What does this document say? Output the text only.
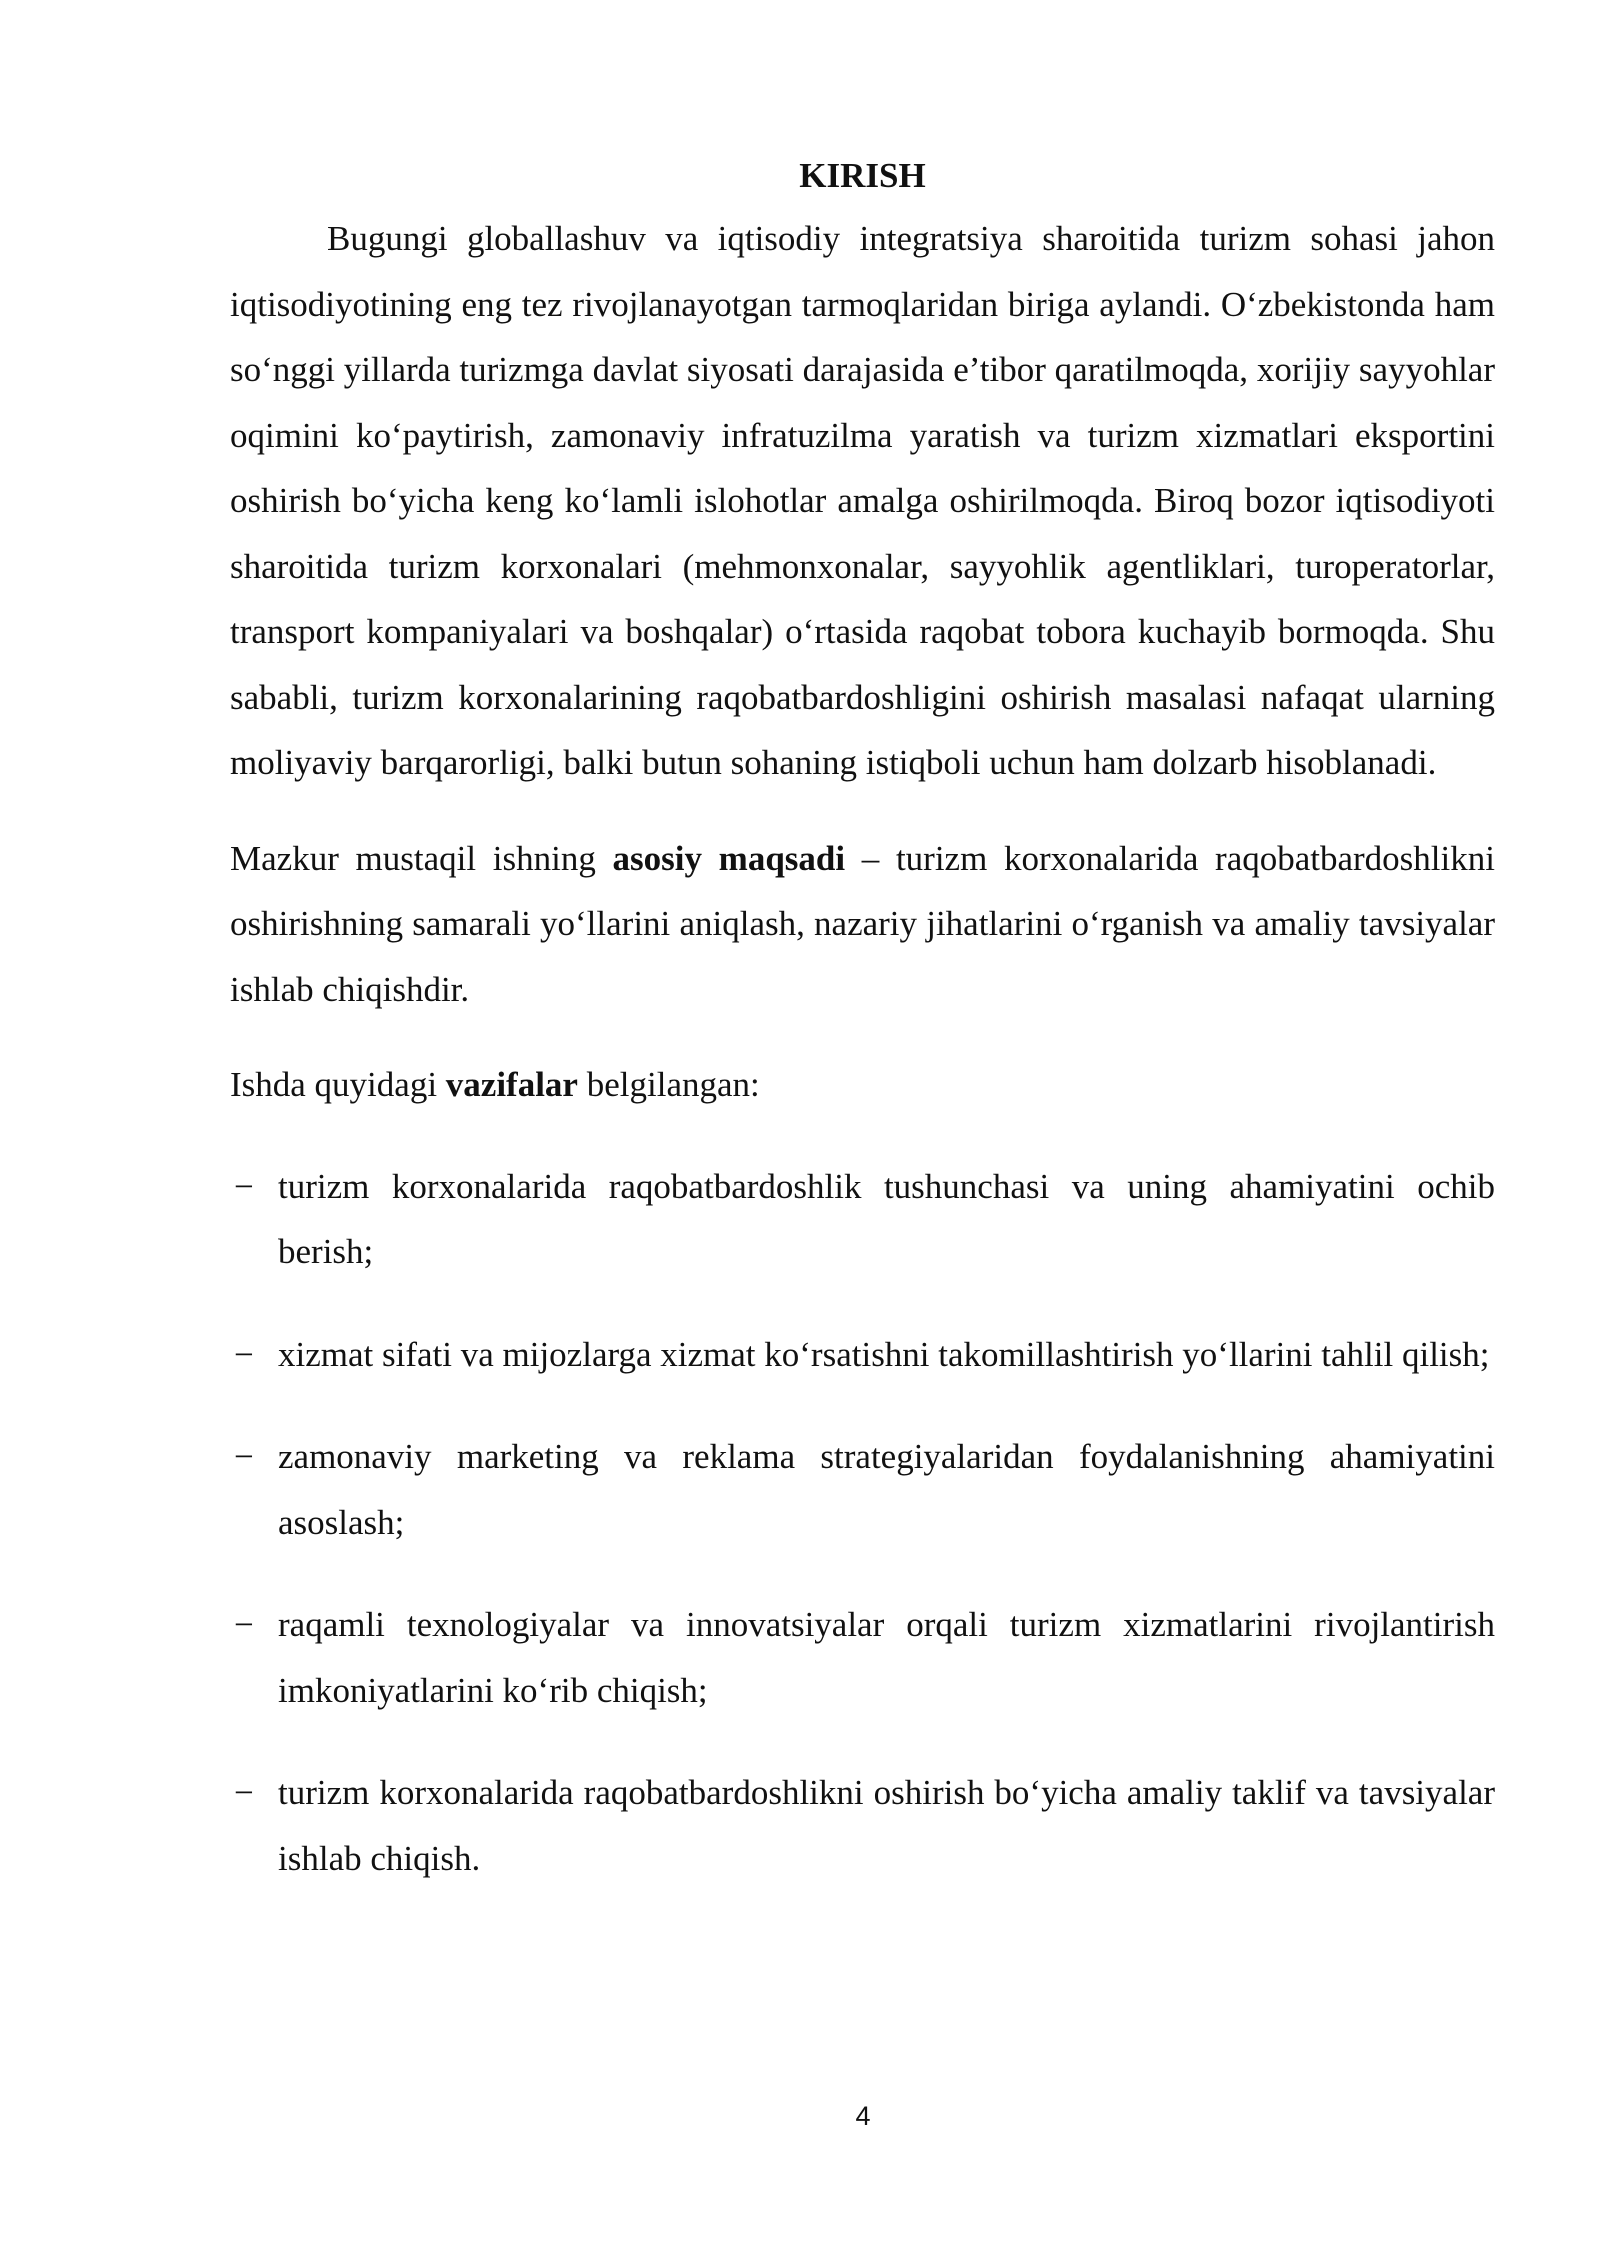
KIRISH

Bugungi globallashuv va iqtisodiy integratsiya sharoitida turizm sohasi jahon iqtisodiyotining eng tez rivojlanayotgan tarmoqlaridan biriga aylandi. O‘zbekistonda ham so‘nggi yillarda turizmga davlat siyosati darajasida e’tibor qaratilmoqda, xorijiy sayyohlar oqimini ko‘paytirish, zamonaviy infratuzilma yaratish va turizm xizmatlari eksportini oshirish bo‘yicha keng ko‘lamli islohotlar amalga oshirilmoqda. Biroq bozor iqtisodiyoti sharoitida turizm korxonalari (mehmonxonalar, sayyohlik agentliklari, turoperatorlar, transport kompaniyalari va boshqalar) o‘rtasida raqobat tobora kuchayib bormoqda. Shu sababli, turizm korxonalarining raqobatbardoshligini oshirish masalasi nafaqat ularning moliyaviy barqarorligi, balki butun sohaning istiqboli uchun ham dolzarb hisoblanadi.

Mazkur mustaqil ishning asosiy maqsadi – turizm korxonalarida raqobatbardoshlikni oshirishning samarali yo‘llarini aniqlash, nazariy jihatlarini o‘rganish va amaliy tavsiyalar ishlab chiqishdir.

Ishda quyidagi vazifalar belgilangan:

− turizm korxonalarida raqobatbardoshlik tushunchasi va uning ahamiyatini ochib berish;
− xizmat sifati va mijozlarga xizmat ko‘rsatishni takomillashtirish yo‘llarini tahlil qilish;
− zamonaviy marketing va reklama strategiyalaridan foydalanishning ahamiyatini asoslash;
− raqamli texnologiyalar va innovatsiyalar orqali turizm xizmatlarini rivojlantirish imkoniyatlarini ko‘rib chiqish;
− turizm korxonalarida raqobatbardoshlikni oshirish bo‘yicha amaliy taklif va tavsiyalar ishlab chiqish.
4
